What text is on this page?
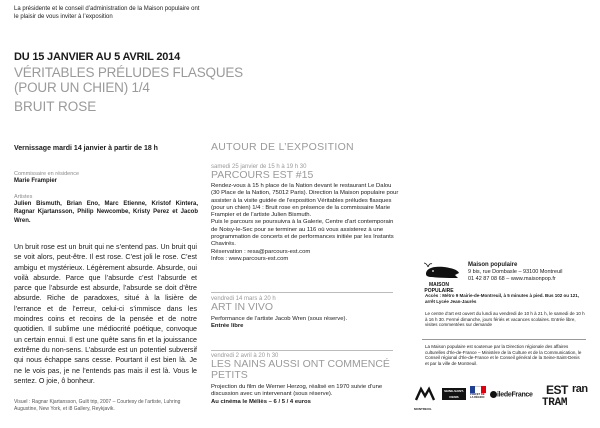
La présidente et le conseil d’administration de la Maison populaire ont le plaisir de vous inviter à l’exposition
DU 15 JANVIER AU 5 AVRIL 2014
VÉRITABLES PRÉLUDES FLASQUES
(POUR UN CHIEN) 1/4
BRUIT ROSE
Vernissage mardi 14 janvier à partir de 18 h
Commissaire en résidence
Marie Frampier
Artistes
Julien Bismuth, Brian Eno, Marc Etienne, Kristof Kintera, Ragnar Kjartansson, Philip Newcombe, Kristy Perez et Jacob Wren.
Un bruit rose est un bruit qui ne s’entend pas. Un bruit qui se voit alors, peut-être. Il est rose. C’est joli le rose. C’est ambigu et mystérieux. Légèrement absurde. Absurde, oui voilà absurde. Parce que l’absurde c’est l’absurde et parce que l’absurde est absurde, l’absurde se doit d’être absurde. Riche de paradoxes, situé à la lisière de l’errance et de l’erreur, celui-ci s’immisce dans les moindres coins et recoins de la pensée et de notre quotidien. Il sublime une médiocrité poétique, convoque un certain ennui. Il est une quête sans fin et la jouissance extrême du non-sens. L’absurde est un potentiel subversif qui nous échappe sans cesse. Pourtant il est bien là. Je ne le vois pas, je ne l’entends pas mais il est là. Vous le sentez. O joie, ô bonheur.
Visuel : Ragnar Kjartansson, Guilt trip, 2007 – Courtesy de l’artiste, Luhring Augustine, New York, et i8 Gallery, Reykjavik.
AUTOUR DE L’EXPOSITION
samedi 25 janvier de 15 h à 19 h 30
PARCOURS EST #15
Rendez-vous à 15 h place de la Nation devant le restaurant Le Dalou (30 Place de la Nation, 75012 Paris). Direction la Maison populaire pour assister à la visite guidée de l’exposition Véritables préludes flasques (pour un chien) 1/4 : Bruit rose en présence de la commissaire Marie Frampier et de l’artiste Julien Bismuth.
Puis le parcours se poursuivra à la Galerie, Centre d’art contemporain de Noisy-le-Sec pour se terminer au 116 où vous assisterez à une programmation de concerts et de performances initiée par les Instants Chavirés.
Réservation : resa@parcours-est.com
Infos : www.parcours-est.com
vendredi 14 mars à 20 h
ART IN VIVO
Performance de l’artiste Jacob Wren (sous réserve).
Entrée libre
vendredi 2 avril à 20 h 30
LES NAINS AUSSI ONT COMMENCÉ PETITS
Projection du film de Werner Herzog, réalisé en 1970 suivie d’une discussion avec un intervenant (sous réserve).
Au cinéma le Méliès – 6 / 5 / 4 euros
MAISON
POPULAIRE
Maison populaire
9 bis, rue Dombasle – 93100 Montreuil
01 42 87 08 68 – www.maisonpop.fr
Accès : Métro 9 Mairie-de-Montreuil, à 5 minutes à pied. Bus 102 ou 121, arrêt Lycée Jean-Jaurès
Le centre d’art est ouvert du lundi au vendredi de 10 h à 21 h, le samedi de 10 h à 16 h 30. Fermé dimanche, jours fériés et vacances scolaires. Entrée libre, visites commentées sur demande
La Maison populaire est soutenue par la Direction régionale des affaires culturelles d’Ile-de-France – Ministère de la Culture et de la Communication, le Conseil régional d’Ile-de-France et le Conseil général de la Seine-Saint-Denis et par la ville de Montreuil.
MONTREUIL
SEINE-SAINT-DENIS
PRÉFET DE LA RÉGION	iledeFrance EST
TRAM
ran
